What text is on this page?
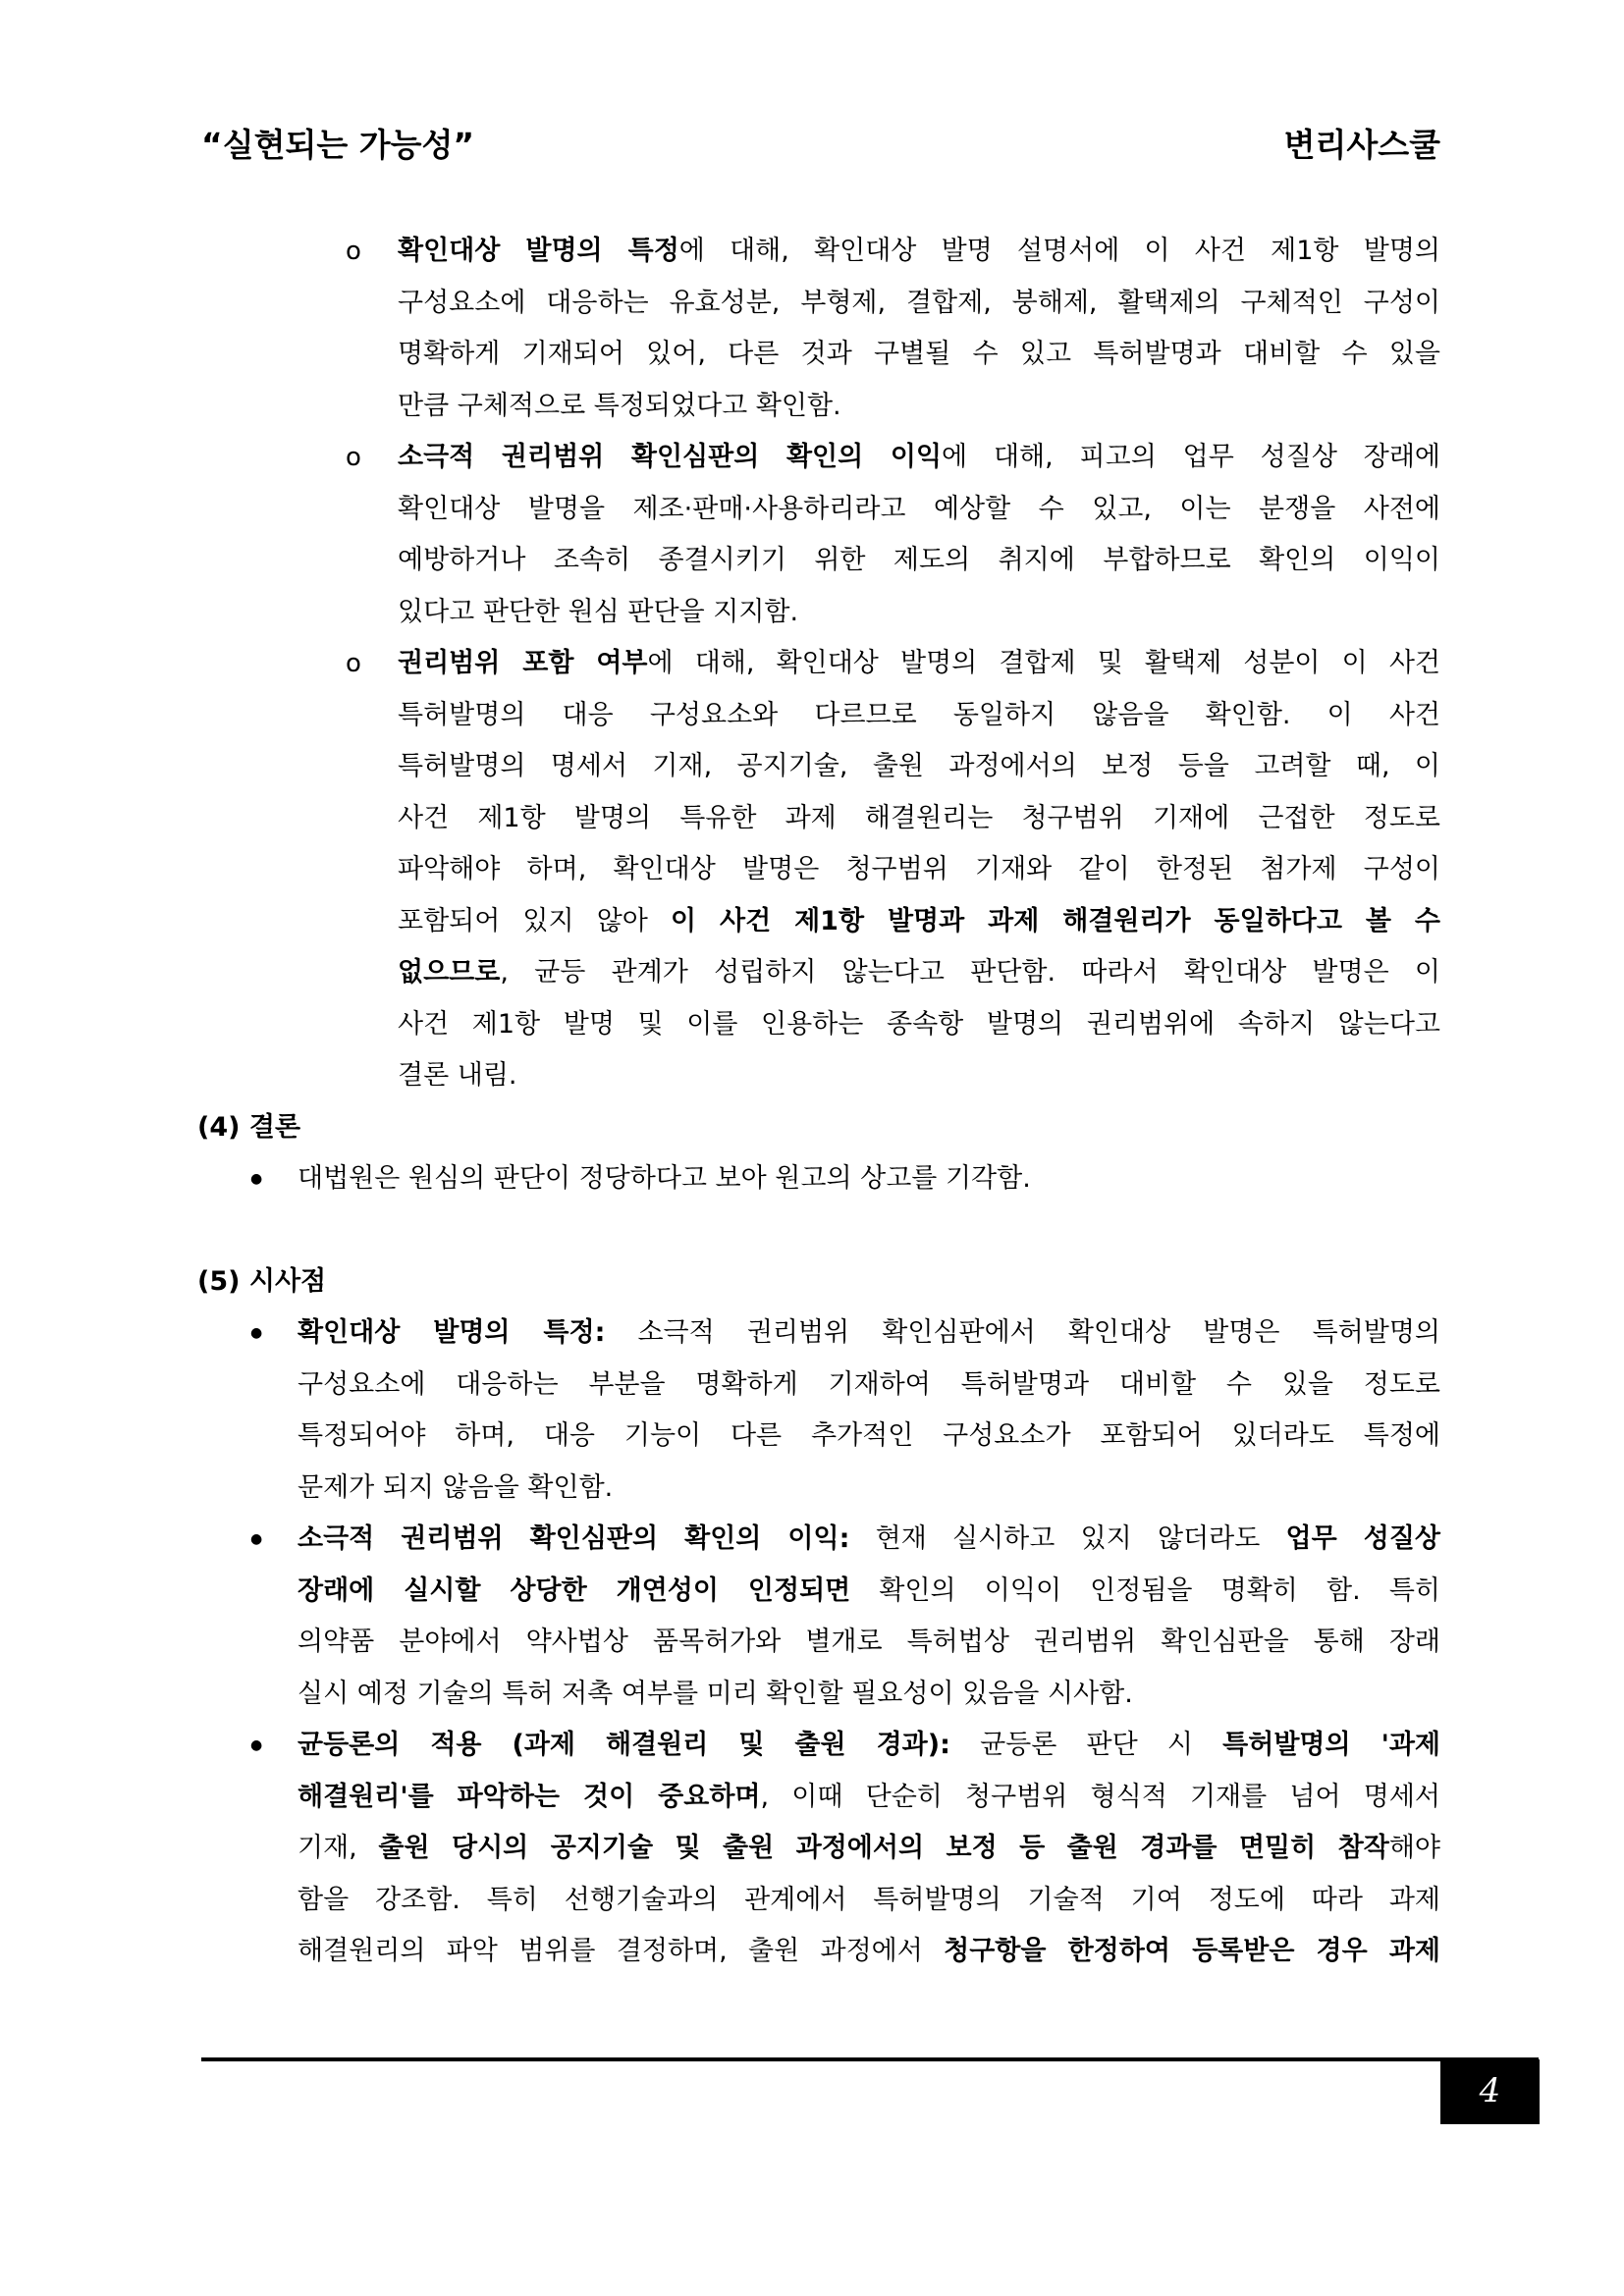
“실현되는 가능성”	변리사스쿨
o 확인대상 발명의 특정에 대해, 확인대상 발명 설명서에 이 사건 제1항 발명의
구성요소에 대응하는 유효성분, 부형제, 결합제, 붕해제, 활택제의 구체적인 구성이
명확하게 기재되어 있어, 다른 것과 구별될 수 있고 특허발명과 대비할 수 있을
만큼 구체적으로 특정되었다고 확인함.
o 소극적 권리범위 확인심판의 확인의 이익에 대해, 피고의 업무 성질상 장래에
확인대상 발명을 제조·판매·사용하리라고 예상할 수 있고, 이는 분쟁을 사전에
예방하거나 조속히 종결시키기 위한 제도의 취지에 부합하므로 확인의 이익이
있다고 판단한 원심 판단을 지지함.
o 권리범위 포함 여부에 대해, 확인대상 발명의 결합제 및 활택제 성분이 이 사건
특허발명의 대응 구성요소와 다르므로 동일하지 않음을 확인함. 이 사건
특허발명의 명세서 기재, 공지기술, 출원 과정에서의 보정 등을 고려할 때, 이
사건 제1항 발명의 특유한 과제 해결원리는 청구범위 기재에 근접한 정도로
파악해야 하며, 확인대상 발명은 청구범위 기재와 같이 한정된 첨가제 구성이
포함되어 있지 않아 이 사건 제1항 발명과 과제 해결원리가 동일하다고 볼 수
없으므로, 균등 관계가 성립하지 않는다고 판단함. 따라서 확인대상 발명은 이
사건 제1항 발명 및 이를 인용하는 종속항 발명의 권리범위에 속하지 않는다고
결론 내림.
(4) 결론
● 대법원은 원심의 판단이 정당하다고 보아 원고의 상고를 기각함.
(5) 시사점
● 확인대상 발명의 특정: 소극적 권리범위 확인심판에서 확인대상 발명은 특허발명의
구성요소에 대응하는 부분을 명확하게 기재하여 특허발명과 대비할 수 있을 정도로
특정되어야 하며, 대응 기능이 다른 추가적인 구성요소가 포함되어 있더라도 특정에
문제가 되지 않음을 확인함.
● 소극적 권리범위 확인심판의 확인의 이익: 현재 실시하고 있지 않더라도 업무 성질상
장래에 실시할 상당한 개연성이 인정되면 확인의 이익이 인정됨을 명확히 함. 특히
의약품 분야에서 약사법상 품목허가와 별개로 특허법상 권리범위 확인심판을 통해 장래
실시 예정 기술의 특허 저촉 여부를 미리 확인할 필요성이 있음을 시사함.
● 균등론의 적용 (과제 해결원리 및 출원 경과): 균등론 판단 시 특허발명의 '과제
해결원리'를 파악하는 것이 중요하며, 이때 단순히 청구범위 형식적 기재를 넘어 명세서
기재, 출원 당시의 공지기술 및 출원 과정에서의 보정 등 출원 경과를 면밀히 참작해야
함을 강조함. 특히 선행기술과의 관계에서 특허발명의 기술적 기여 정도에 따라 과제
해결원리의 파악 범위를 결정하며, 출원 과정에서 청구항을 한정하여 등록받은 경우 과제
4
